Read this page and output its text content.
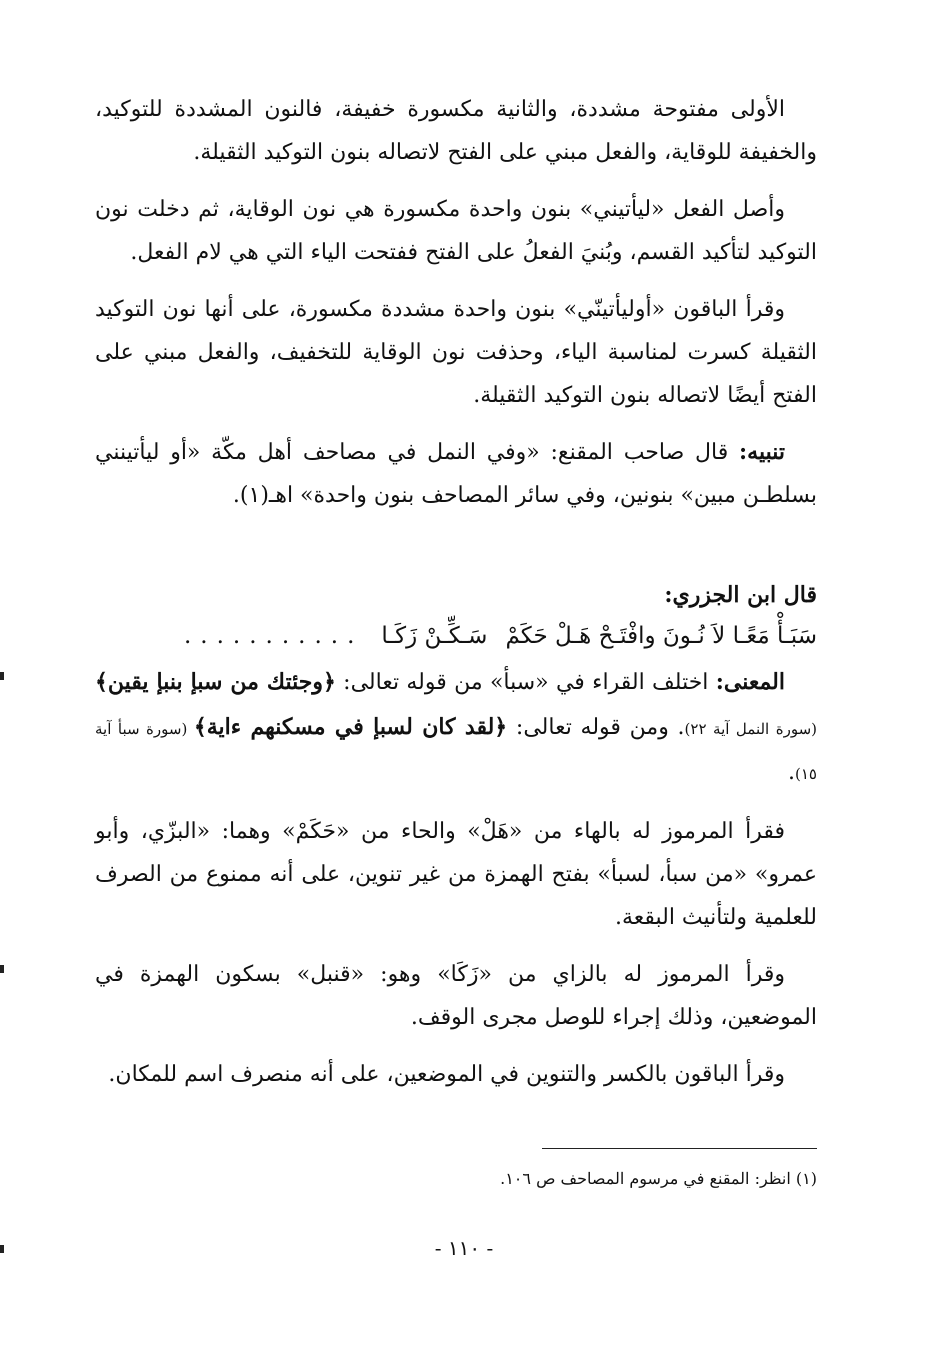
الأولى مفتوحة مشددة، والثانية مكسورة خفيفة، فالنون المشددة للتوكيد، والخفيفة للوقاية، والفعل مبني على الفتح لاتصاله بنون التوكيد الثقيلة.

وأصل الفعل «ليأتيني» بنون واحدة مكسورة هي نون الوقاية، ثم دخلت نون التوكيد لتأكيد القسم، وبُنيَ الفعلُ على الفتح ففتحت الياء التي هي لام الفعل.

وقرأ الباقون «أوليأتينّي» بنون واحدة مشددة مكسورة، على أنها نون التوكيد الثقيلة كسرت لمناسبة الياء، وحذفت نون الوقاية للتخفيف، والفعل مبني على الفتح أيضًا لاتصاله بنون التوكيد الثقيلة.

تنبيه: قال صاحب المقنع: «وفي النمل في مصاحف أهل مكّة «أو ليأتينني بسلطـن مبين» بنونين، وفي سائر المصاحف بنون واحدة» اهـ(١).

قال ابن الجزري:

سَبَـأْ مَعًـا لاَ نُـونَ وافْتَـحْ هَـلْ حَكَمْ
سَـكِّـنْ زَكَـا
...........

المعنى: اختلف القراء في «سبأ» من قوله تعالى: ﴿وجئتك من سبإ بنبإ يقين﴾ (سورة النمل آية ٢٢). ومن قوله تعالى: ﴿لقد كان لسبإ في مسكنهم ءاية﴾ (سورة سبأ آية ١٥).

فقرأ المرموز له بالهاء من «هَلْ» والحاء من «حَكَمْ» وهما: «البزّي، وأبو عمرو» «من سبأ، لسبأ» بفتح الهمزة من غير تنوين، على أنه ممنوع من الصرف للعلمية ولتأنيث البقعة.

وقرأ المرموز له بالزاي من «زَكَا» وهو: «قنبل» بسكون الهمزة في الموضعين، وذلك إجراء للوصل مجرى الوقف.

وقرأ الباقون بالكسر والتنوين في الموضعين، على أنه منصرف اسم للمكان.

(١) انظر: المقنع في مرسوم المصاحف ص ١٠٦.
- ١١٠ -
